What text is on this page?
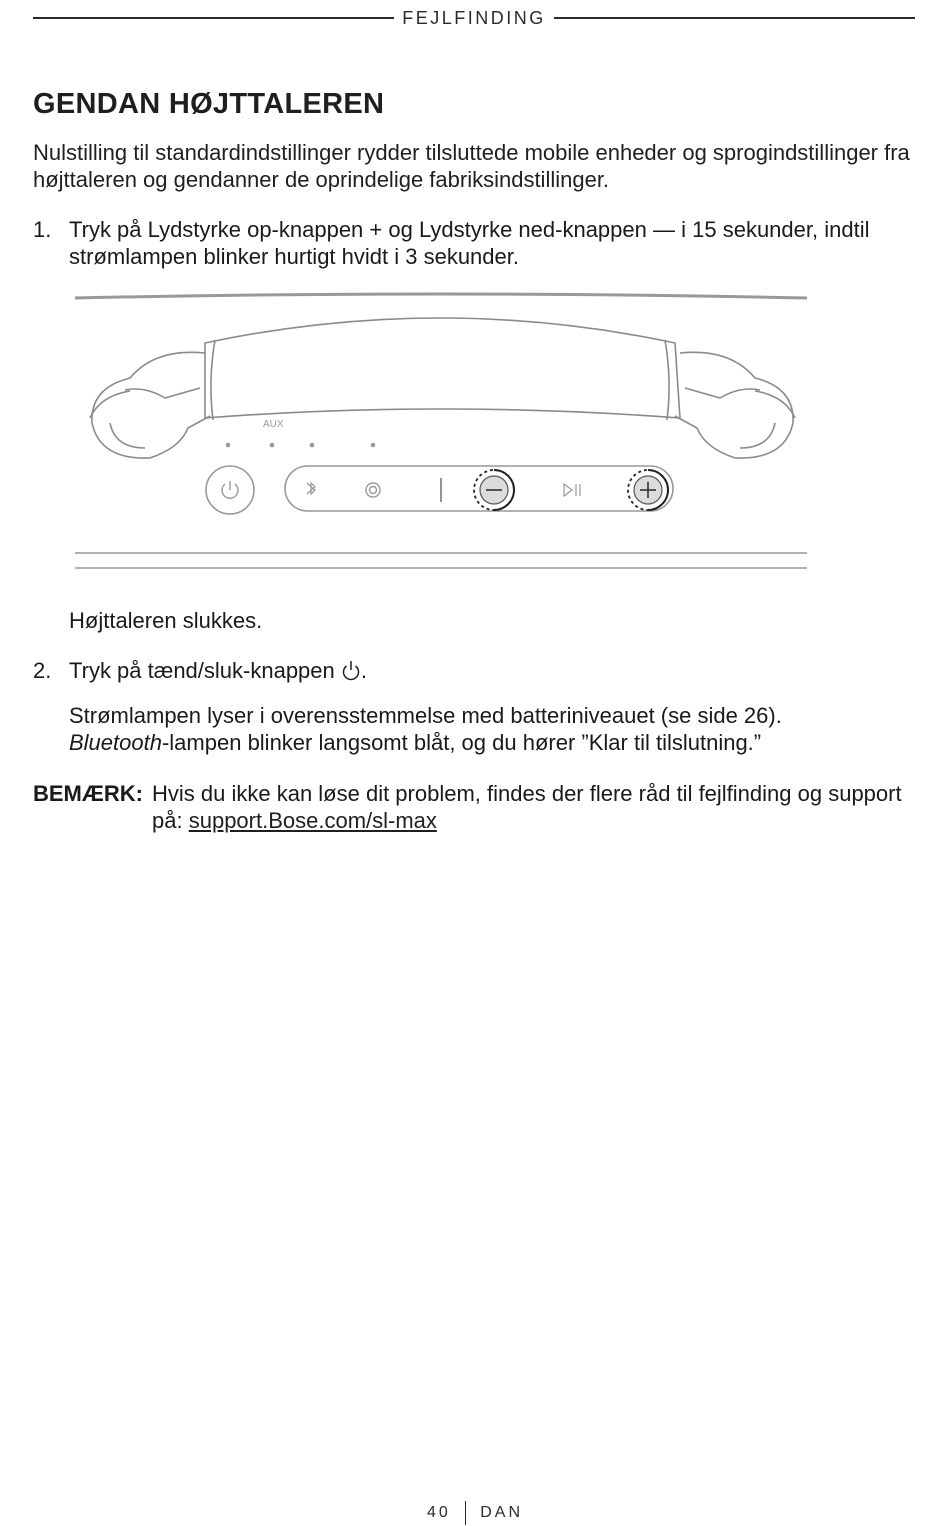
FEJLFINDING
GENDAN HØJTTALEREN

Nulstilling til standardindstillinger rydder tilsluttede mobile enheder og sprogindstillinger fra højttaleren og gendanner de oprindelige fabriksindstillinger.

1. Tryk på Lydstyrke op-knappen + og Lydstyrke ned-knappen — i 15 sekunder, indtil strømlampen blinker hurtigt hvidt i 3 sekunder.
AUX
Højttaleren slukkes.
2. Tryk på tænd/sluk-knappen .
Strømlampen lyser i overensstemmelse med batteriniveauet (se side 26).
Bluetooth-lampen blinker langsomt blåt, og du hører ”Klar til tilslutning.”
BEMÆRK: Hvis du ikke kan løse dit problem, findes der flere råd til fejlfinding og support på: support.Bose.com/sl-max
40 DAN
